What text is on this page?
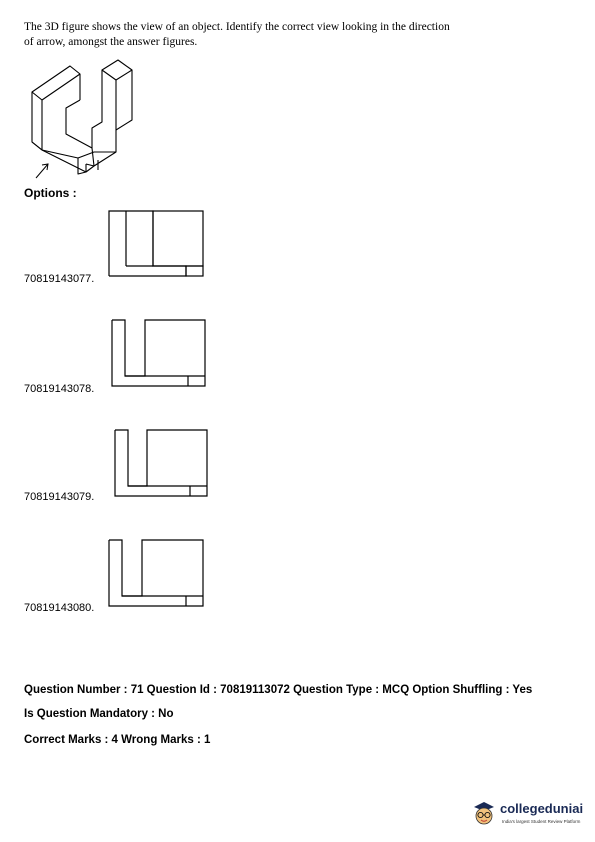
The 3D figure shows the view of an object. Identify the correct view looking in the direction
of arrow, amongst the answer figures.
Options :
70819143077.
70819143078.
70819143079.
70819143080.
Question Number : 71 Question Id : 70819113072 Question Type : MCQ Option Shuffling : Yes
Is Question Mandatory : No
Correct Marks : 4 Wrong Marks : 1
collegeduniai
India's largest Student Review Platform
